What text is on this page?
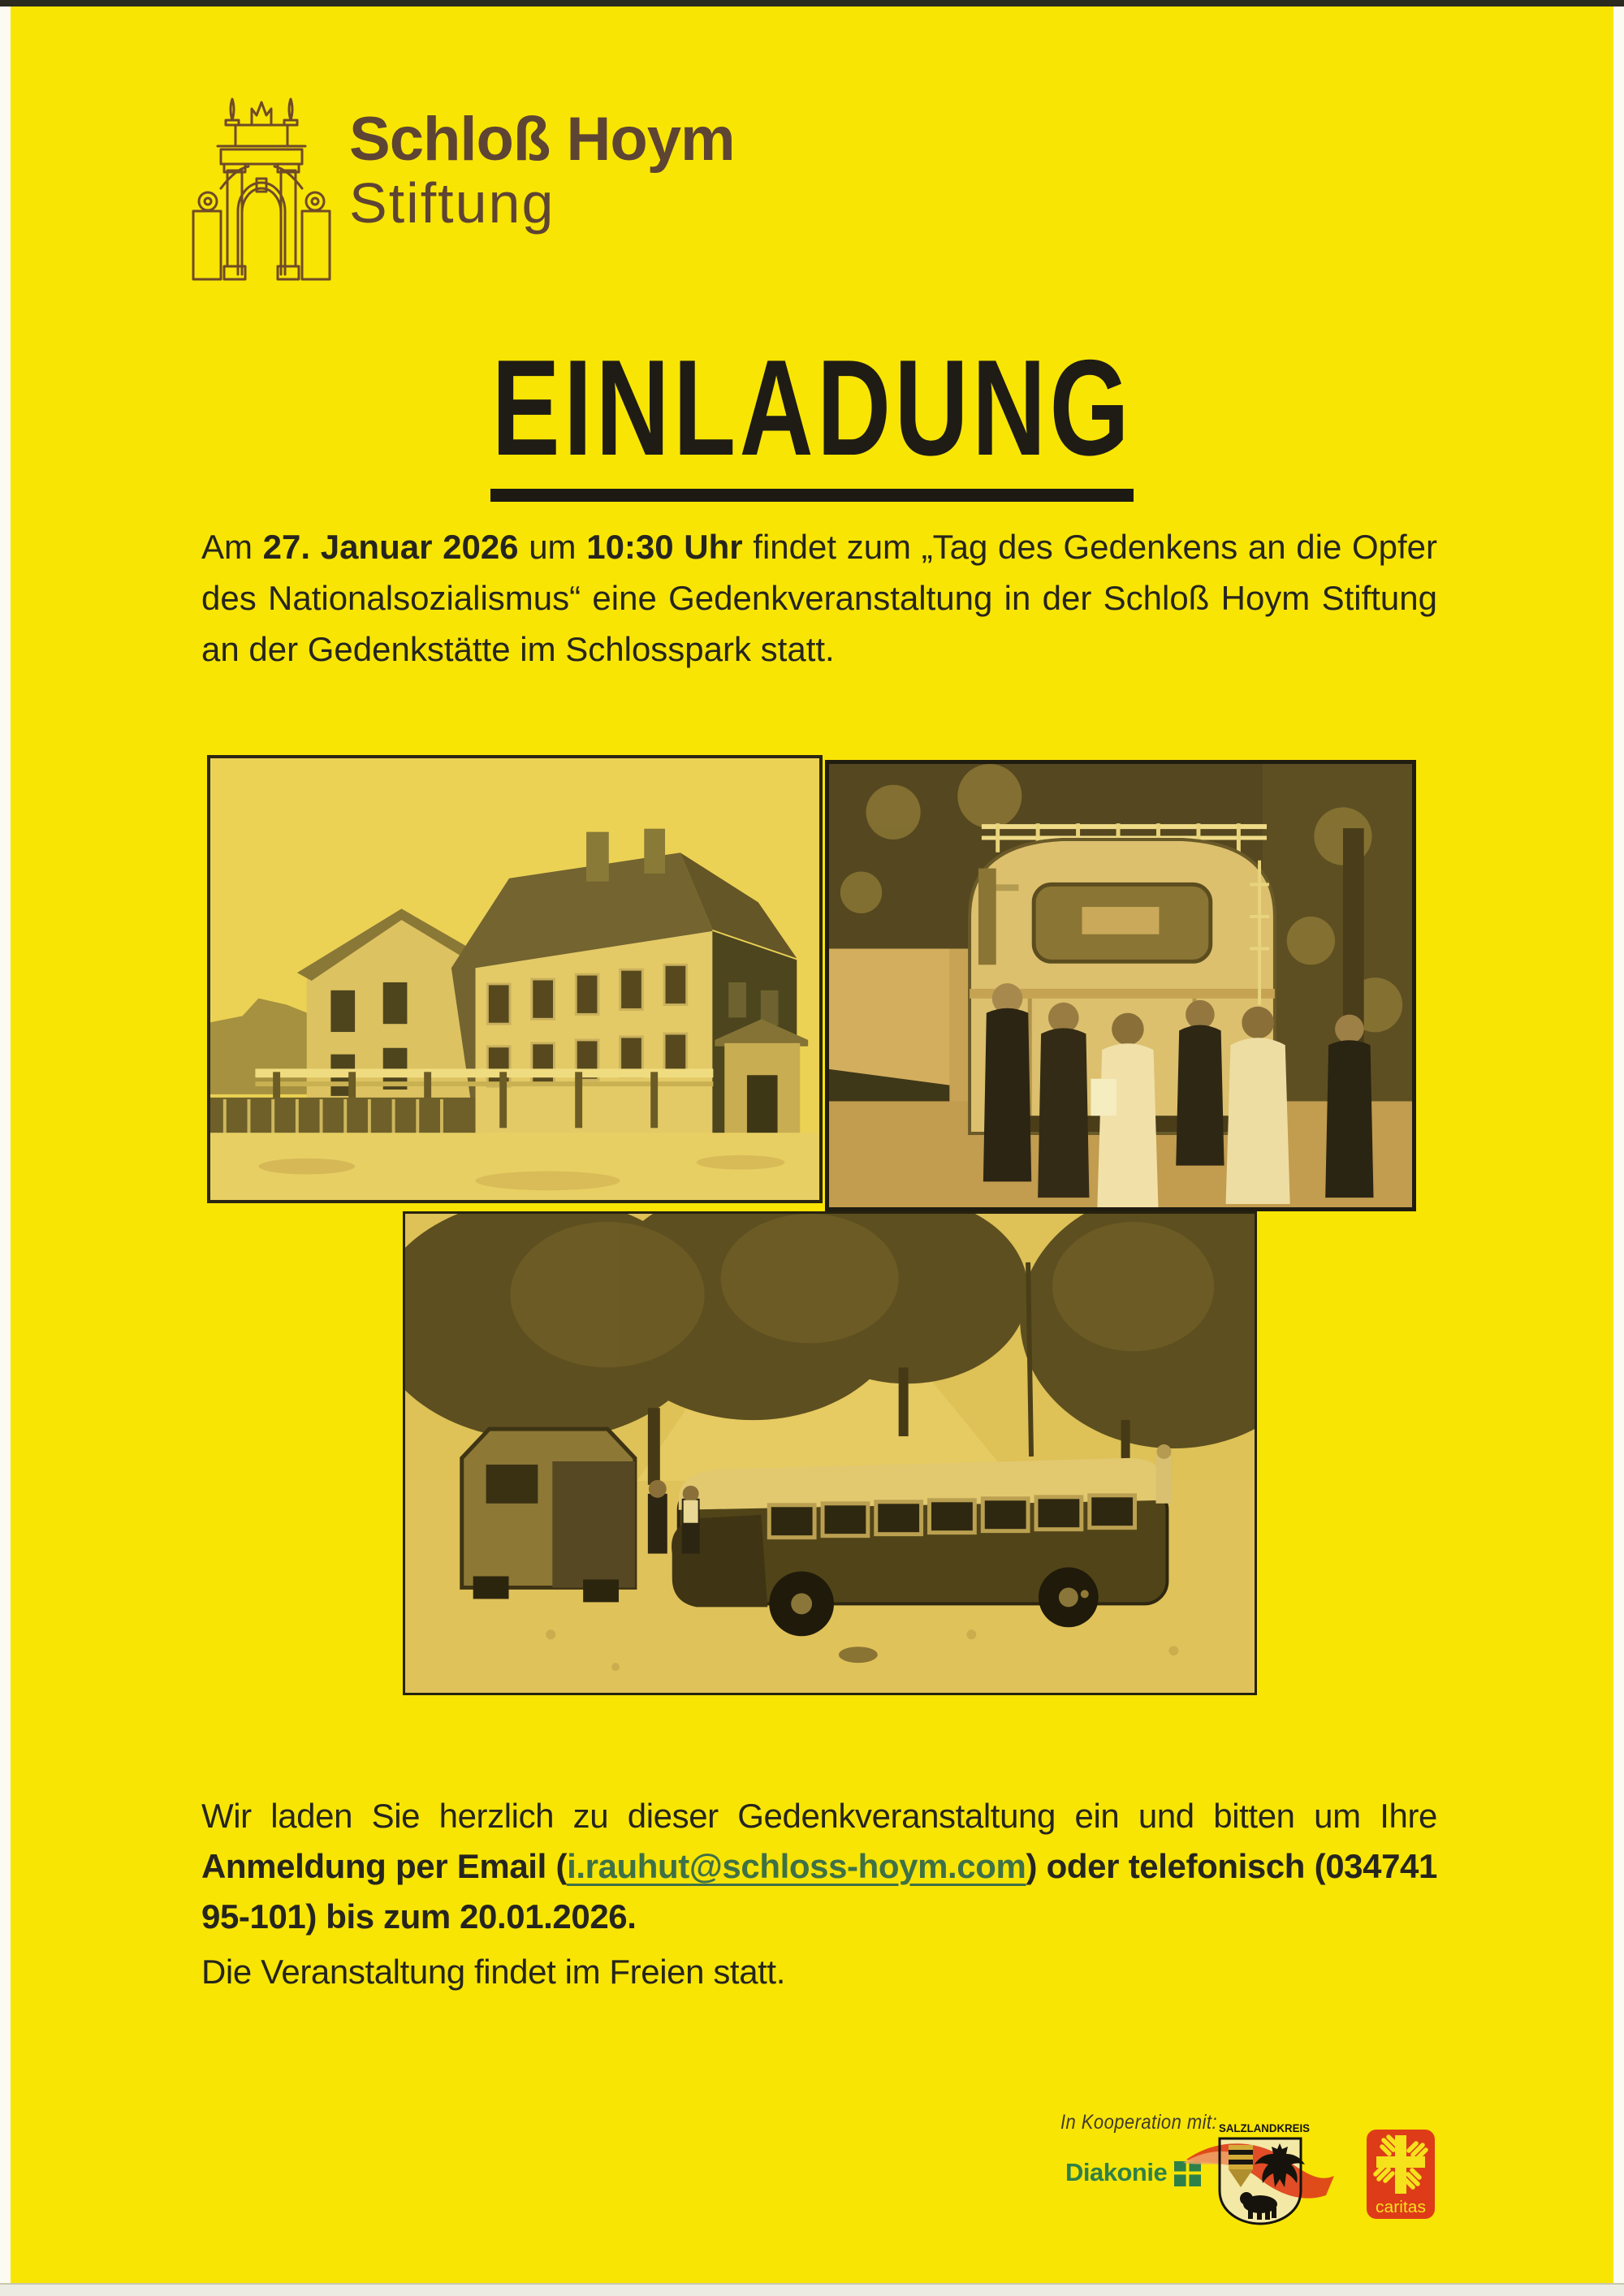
Schloß Hoym
Stiftung
EINLADUNG
Am 27. Januar 2026 um 10:30 Uhr findet zum „Tag des Gedenkens an die Opfer
des Nationalsozialismus“ eine Gedenkveranstaltung in der Schloß Hoym Stiftung
an der Gedenkstätte im Schlosspark statt.
Wir laden Sie herzlich zu dieser Gedenkveranstaltung ein und bitten um Ihre
Anmeldung per Email (i.rauhut@schloss-hoym.com) oder telefonisch (034741
95-101) bis zum 20.01.2026.
Die Veranstaltung findet im Freien statt.
In Kooperation mit:
Diakonie
SALZLANDKREIS
caritas
